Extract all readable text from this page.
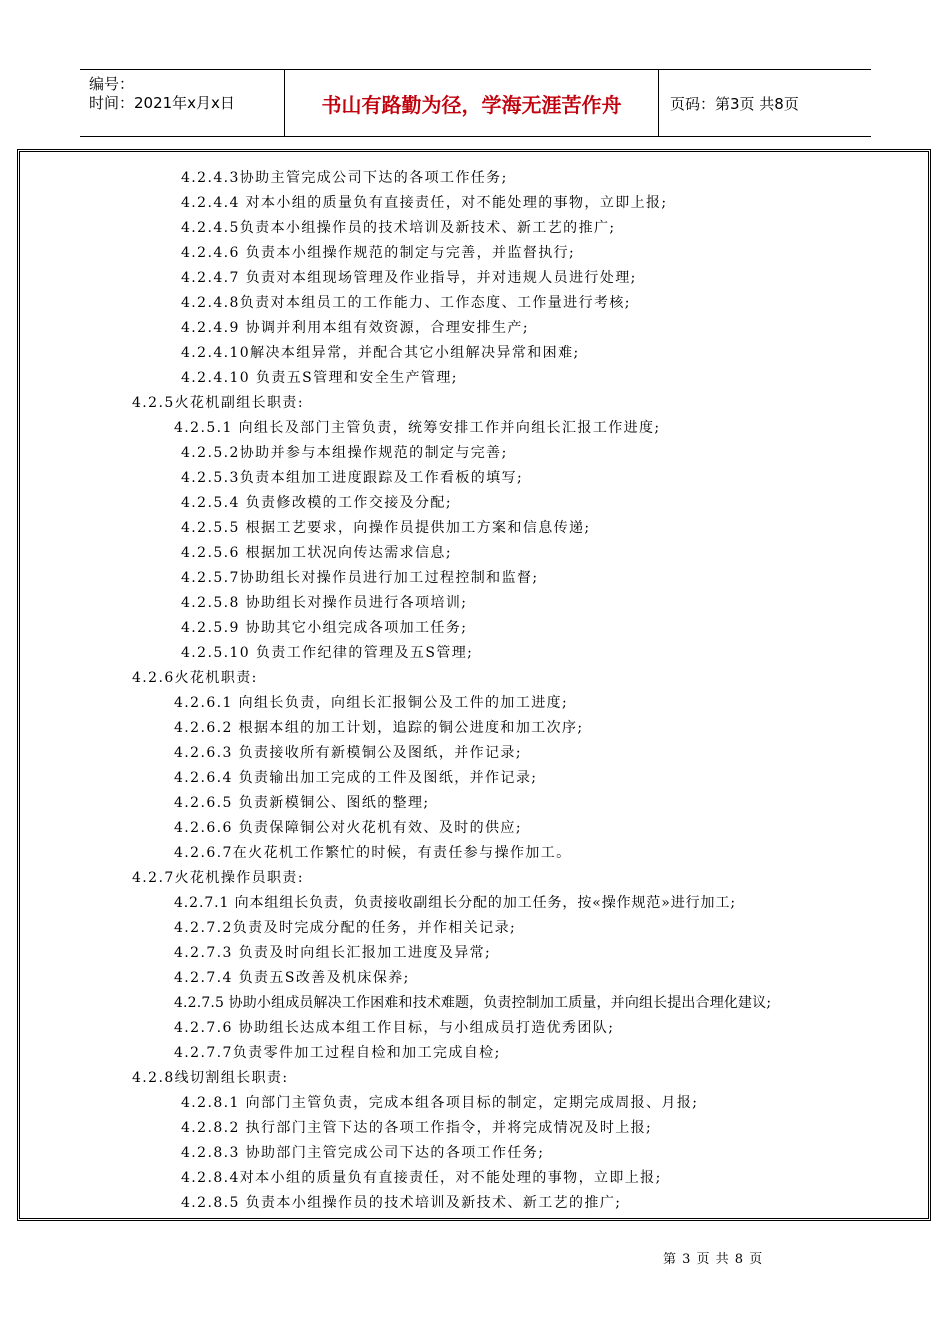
编号：
时间：2021年x月x日	书山有路勤为径，学海无涯苦作舟	页码：第3页 共8页
4.2.4.3协助主管完成公司下达的各项工作任务;
4.2.4.4 对本小组的质量负有直接责任，对不能处理的事物，立即上报;
4.2.4.5负责本小组操作员的技术培训及新技术、新工艺的推广;
4.2.4.6 负责本小组操作规范的制定与完善，并监督执行;
4.2.4.7 负责对本组现场管理及作业指导，并对违规人员进行处理;
4.2.4.8负责对本组员工的工作能力、工作态度、工作量进行考核;
4.2.4.9 协调并利用本组有效资源，合理安排生产;
4.2.4.10解决本组异常，并配合其它小组解决异常和困难;
4.2.4.10 负责五S管理和安全生产管理;
4.2.5火花机副组长职责:
4.2.5.1 向组长及部门主管负责，统筹安排工作并向组长汇报工作进度;
4.2.5.2协助并参与本组操作规范的制定与完善;
4.2.5.3负责本组加工进度跟踪及工作看板的填写;
4.2.5.4 负责修改模的工作交接及分配;
4.2.5.5 根据工艺要求，向操作员提供加工方案和信息传递;
4.2.5.6 根据加工状况向传达需求信息;
4.2.5.7协助组长对操作员进行加工过程控制和监督;
4.2.5.8 协助组长对操作员进行各项培训;
4.2.5.9 协助其它小组完成各项加工任务;
4.2.5.10 负责工作纪律的管理及五S管理;
4.2.6火花机职责:
4.2.6.1 向组长负责，向组长汇报铜公及工件的加工进度;
4.2.6.2 根据本组的加工计划，追踪的铜公进度和加工次序;
4.2.6.3 负责接收所有新模铜公及图纸，并作记录;
4.2.6.4 负责输出加工完成的工件及图纸，并作记录;
4.2.6.5 负责新模铜公、图纸的整理;
4.2.6.6 负责保障铜公对火花机有效、及时的供应;
4.2.6.7在火花机工作繁忙的时候，有责任参与操作加工。
4.2.7火花机操作员职责:
4.2.7.1 向本组组长负责，负责接收副组长分配的加工任务，按«操作规范»进行加工;
4.2.7.2负责及时完成分配的任务，并作相关记录;
4.2.7.3 负责及时向组长汇报加工进度及异常;
4.2.7.4 负责五S改善及机床保养;
4.2.7.5 协助小组成员解决工作困难和技术难题，负责控制加工质量，并向组长提出合理化建议;
4.2.7.6 协助组长达成本组工作目标，与小组成员打造优秀团队;
4.2.7.7负责零件加工过程自检和加工完成自检;
4.2.8线切割组长职责:
4.2.8.1 向部门主管负责，完成本组各项目标的制定，定期完成周报、月报;
4.2.8.2 执行部门主管下达的各项工作指令，并将完成情况及时上报;
4.2.8.3 协助部门主管完成公司下达的各项工作任务;
4.2.8.4对本小组的质量负有直接责任，对不能处理的事物，立即上报;
4.2.8.5 负责本小组操作员的技术培训及新技术、新工艺的推广;
第 3 页 共 8 页
